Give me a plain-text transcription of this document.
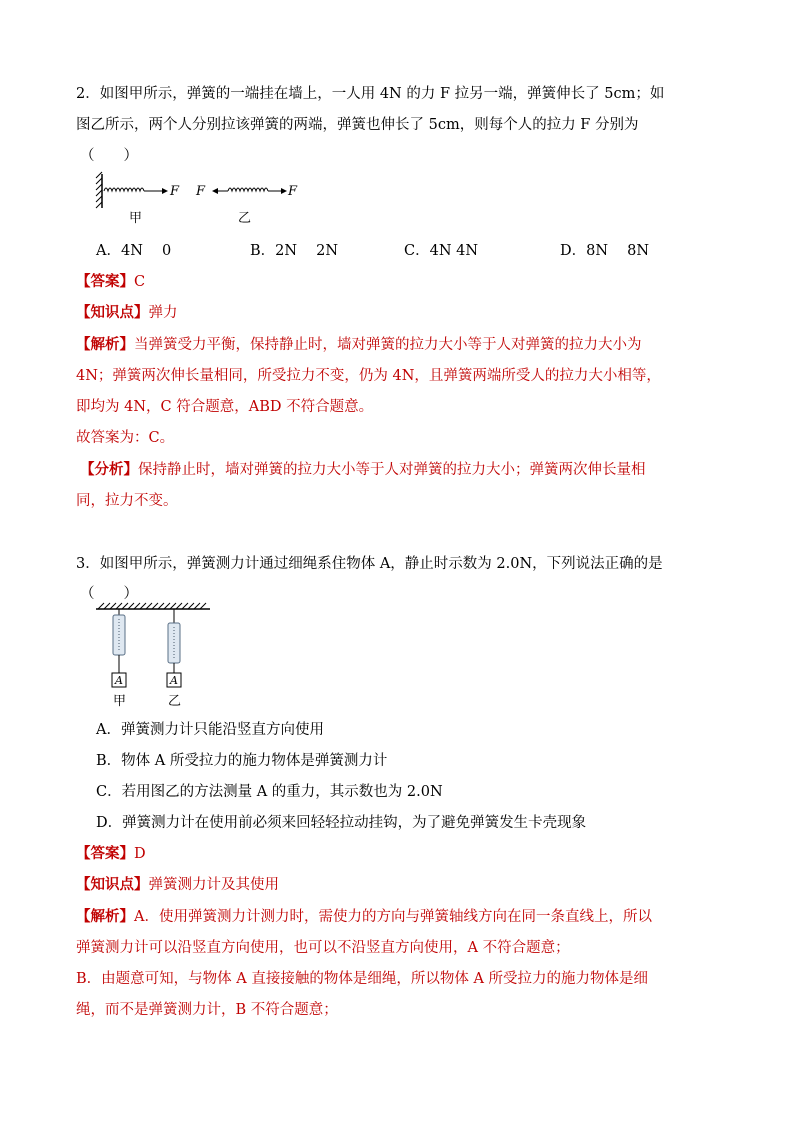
2．如图甲所示，弹簧的一端挂在墙上，一人用 4N 的力 F 拉另一端，弹簧伸长了 5cm；如
图乙所示，两个人分别拉该弹簧的两端，弹簧也伸长了 5cm，则每个人的拉力 F 分别为
（　　）
F
甲
F	F
乙
A．4N　 0	B．2N　 2N	C．4N 4N	D．8N　 8N
【答案】C
【知识点】弹力
【解析】当弹簧受力平衡，保持静止时，墙对弹簧的拉力大小等于人对弹簧的拉力大小为
4N；弹簧两次伸长量相同，所受拉力不变，仍为 4N，且弹簧两端所受人的拉力大小相等，
即均为 4N，C 符合题意，ABD 不符合题意。
故答案为：C。
【分析】保持静止时，墙对弹簧的拉力大小等于人对弹簧的拉力大小；弹簧两次伸长量相
同，拉力不变。
3．如图甲所示，弹簧测力计通过细绳系住物体 A，静止时示数为 2.0N，下列说法正确的是
（　　）
A
甲
A
乙
A．弹簧测力计只能沿竖直方向使用
B．物体 A 所受拉力的施力物体是弹簧测力计
C．若用图乙的方法测量 A 的重力，其示数也为 2.0N
D．弹簧测力计在使用前必须来回轻轻拉动挂钩，为了避免弹簧发生卡壳现象
【答案】D
【知识点】弹簧测力计及其使用
【解析】A．使用弹簧测力计测力时，需使力的方向与弹簧轴线方向在同一条直线上，所以
弹簧测力计可以沿竖直方向使用，也可以不沿竖直方向使用，A 不符合题意；
B．由题意可知，与物体 A 直接接触的物体是细绳，所以物体 A 所受拉力的施力物体是细
绳，而不是弹簧测力计，B 不符合题意；
